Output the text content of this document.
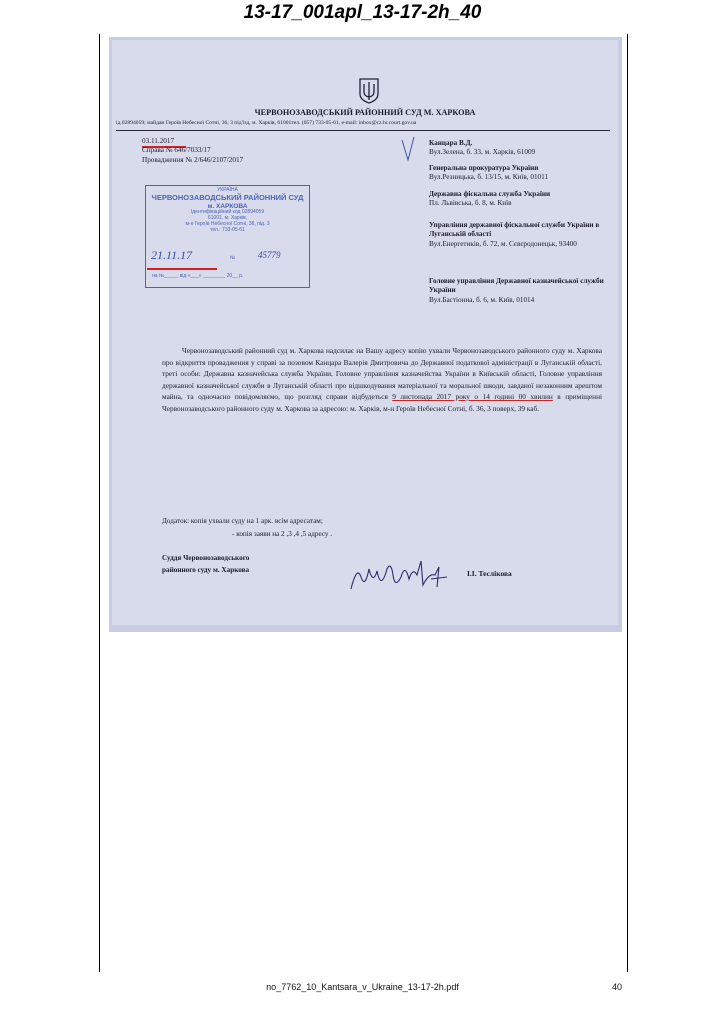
13-17_001apl_13-17-2h_40
ЧЕРВОНОЗАВОДСЬКИЙ РАЙОННИЙ СУД М. ХАРКОВА
ід.02894059; майдан Героїв Небесної Сотні, 36, 3 під'їзд, м. Харків, 61001тел. (057) 733-05-61, e-mail: inbox@cz.hr.court.gov.ua
03.11.2017
Справа № 646/7033/17
Провадження № 2/646/2107/2017
УКРАЇНА
ЧЕРВОНОЗАВОДСЬКИЙ РАЙОННИЙ СУД
м. ХАРКОВА
Ідентифікаційний код 02894059
61001, м. Харків,
м-н Героїв Небесної Сотні, 36, під. 3
тел.: 733-05-61
21.11.17	№	45779
на №_____ від «___» ________ 20__ р.
Канцара В.Д.
Вул.Зелена, б. 33, м. Харків, 61009
Генеральна прокуратура України
Вул.Резницька, б. 13/15, м. Київ, 01011
Державна фіскальна служба України
Пл. Львівська, б. 8, м. Київ
Управління державної фіскальної служби України в Луганській області
Вул.Енергетиків, б. 72, м. Сєвєродонецьк, 93400
Головне управління Державної казначейської служби України
Вул.Бастіонна, б. 6, м. Київ, 01014
Червонозаводський районний суд м. Харкова надсилає на Вашу адресу копію ухвали Червонозаводського районного суду м. Харкова про відкриття провадження у справі за позовом Канцара Валерія Дмитровича до Державної податкової адміністрації в Луганській області, треті особи: Державна казначейська служба України, Головне управління казначейства України в Київській області, Головне управління державної казначейської служби в Луганській області про відшкодування матеріальної та моральної шкоди, завданої незаконним арештом майна, та одночасно повідомляємо, що розгляд справи відбудеться 9 листопада 2017 року о 14 годині 00 хвилин в приміщенні Червонозаводського районного суду м. Харкова за адресою: м. Харків, м-н Героїв Небесної Сотні, б. 36, 3 поверх, 39 каб.
Додаток: копія ухвали суду на 1 арк. всім адресатам;
- копія заяви на 2 ,3 ,4 ,5 адресу .
Суддя Червонозаводського
районного суду м. Харкова	І.І. Теслікова
no_7762_10_Kantsara_v_Ukraine_13-17-2h.pdf	40
